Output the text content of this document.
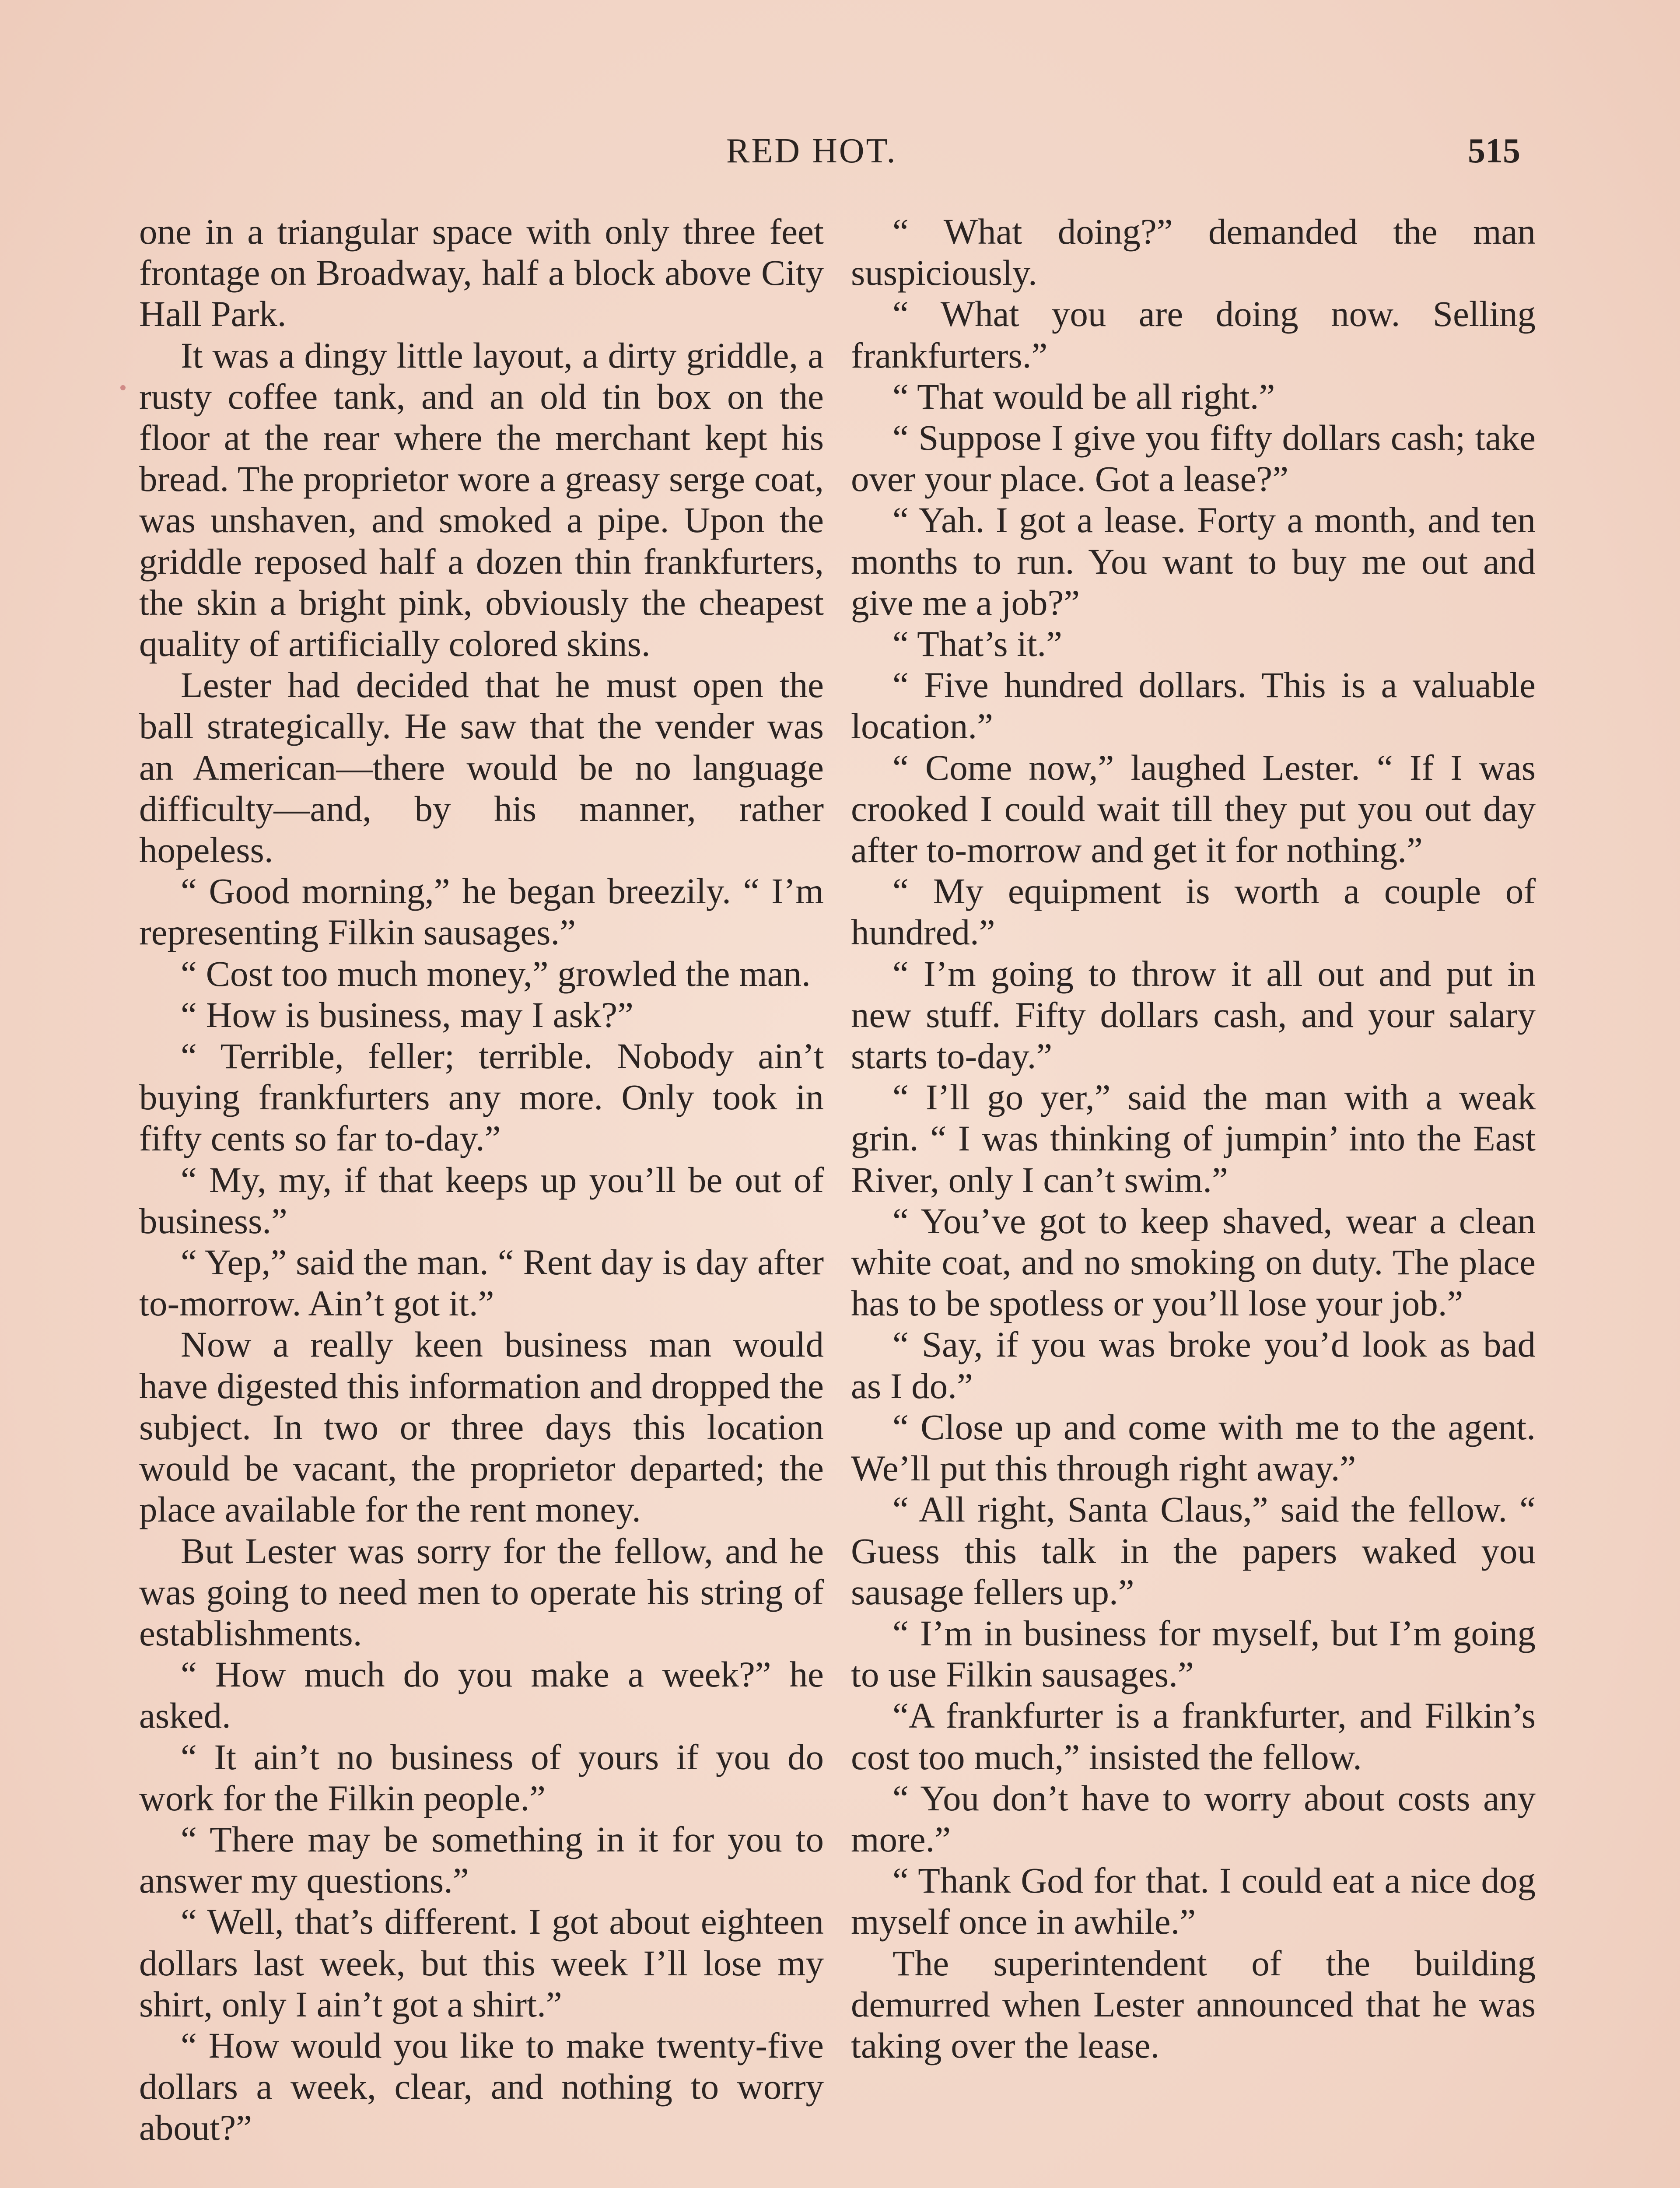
RED HOT.	515

one in a triangular space with only three feet frontage on Broadway, half a block above City Hall Park.

It was a dingy little layout, a dirty griddle, a rusty coffee tank, and an old tin box on the floor at the rear where the merchant kept his bread. The proprietor wore a greasy serge coat, was unshaven, and smoked a pipe. Upon the griddle reposed half a dozen thin frankfurters, the skin a bright pink, obviously the cheapest quality of artificially colored skins.

Lester had decided that he must open the ball strategically. He saw that the vender was an American—there would be no language difficulty—and, by his manner, rather hopeless.

“ Good morning,” he began breezily. “ I’m representing Filkin sausages.”

“ Cost too much money,” growled the man.

“ How is business, may I ask?”

“ Terrible, feller; terrible. Nobody ain’t buying frankfurters any more. Only took in fifty cents so far to-day.”

“ My, my, if that keeps up you’ll be out of business.”

“ Yep,” said the man. “ Rent day is day after to-morrow. Ain’t got it.”

Now a really keen business man would have digested this information and dropped the subject. In two or three days this location would be vacant, the proprietor departed; the place available for the rent money.

But Lester was sorry for the fellow, and he was going to need men to operate his string of establishments.

“ How much do you make a week?” he asked.

“ It ain’t no business of yours if you do work for the Filkin people.”

“ There may be something in it for you to answer my questions.”

“ Well, that’s different. I got about eighteen dollars last week, but this week I’ll lose my shirt, only I ain’t got a shirt.”

“ How would you like to make twenty-five dollars a week, clear, and nothing to worry about?”

“ What doing?” demanded the man suspiciously.

“ What you are doing now. Selling frankfurters.”

“ That would be all right.”

“ Suppose I give you fifty dollars cash; take over your place. Got a lease?”

“ Yah. I got a lease. Forty a month, and ten months to run. You want to buy me out and give me a job?”

“ That’s it.”

“ Five hundred dollars. This is a valuable location.”

“ Come now,” laughed Lester. “ If I was crooked I could wait till they put you out day after to-morrow and get it for nothing.”

“ My equipment is worth a couple of hundred.”

“ I’m going to throw it all out and put in new stuff. Fifty dollars cash, and your salary starts to-day.”

“ I’ll go yer,” said the man with a weak grin. “ I was thinking of jumpin’ into the East River, only I can’t swim.”

“ You’ve got to keep shaved, wear a clean white coat, and no smoking on duty. The place has to be spotless or you’ll lose your job.”

“ Say, if you was broke you’d look as bad as I do.”

“ Close up and come with me to the agent. We’ll put this through right away.”

“ All right, Santa Claus,” said the fellow. “ Guess this talk in the papers waked you sausage fellers up.”

“ I’m in business for myself, but I’m going to use Filkin sausages.”

“A frankfurter is a frankfurter, and Filkin’s cost too much,” insisted the fellow.

“ You don’t have to worry about costs any more.”

“ Thank God for that. I could eat a nice dog myself once in awhile.”

The superintendent of the building demurred when Lester announced that he was taking over the lease.
